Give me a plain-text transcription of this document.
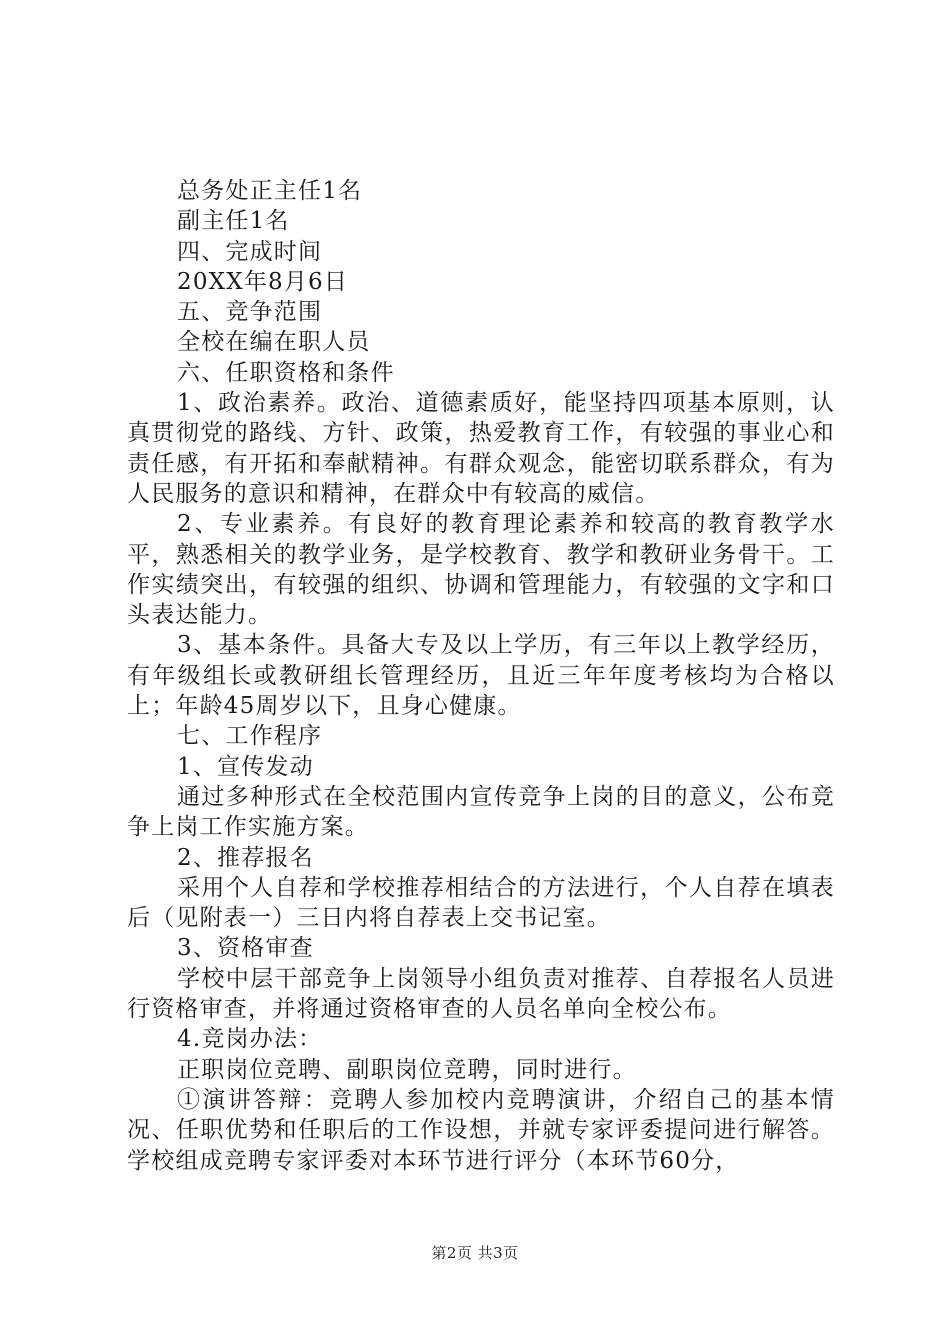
总务处正主任1名

副主任1名

四、完成时间

20XX年8月6日

五、竞争范围

全校在编在职人员

六、任职资格和条件

1、政治素养。政治、道德素质好，能坚持四项基本原则，认真贯彻党的路线、方针、政策，热爱教育工作，有较强的事业心和责任感，有开拓和奉献精神。有群众观念，能密切联系群众，有为人民服务的意识和精神，在群众中有较高的威信。

2、专业素养。有良好的教育理论素养和较高的教育教学水平，熟悉相关的教学业务，是学校教育、教学和教研业务骨干。工作实绩突出，有较强的组织、协调和管理能力，有较强的文字和口头表达能力。

3、基本条件。具备大专及以上学历，有三年以上教学经历，有年级组长或教研组长管理经历，且近三年年度考核均为合格以上；年龄45周岁以下，且身心健康。

七、工作程序

1、宣传发动

通过多种形式在全校范围内宣传竞争上岗的目的意义，公布竞争上岗工作实施方案。

2、推荐报名

采用个人自荐和学校推荐相结合的方法进行，个人自荐在填表后（见附表一）三日内将自荐表上交书记室。

3、资格审查

学校中层干部竞争上岗领导小组负责对推荐、自荐报名人员进行资格审查，并将通过资格审查的人员名单向全校公布。

4.竞岗办法：

正职岗位竞聘、副职岗位竞聘，同时进行。

①演讲答辩：竞聘人参加校内竞聘演讲，介绍自己的基本情况、任职优势和任职后的工作设想，并就专家评委提问进行解答。学校组成竞聘专家评委对本环节进行评分（本环节60分，

第2页 共3页
